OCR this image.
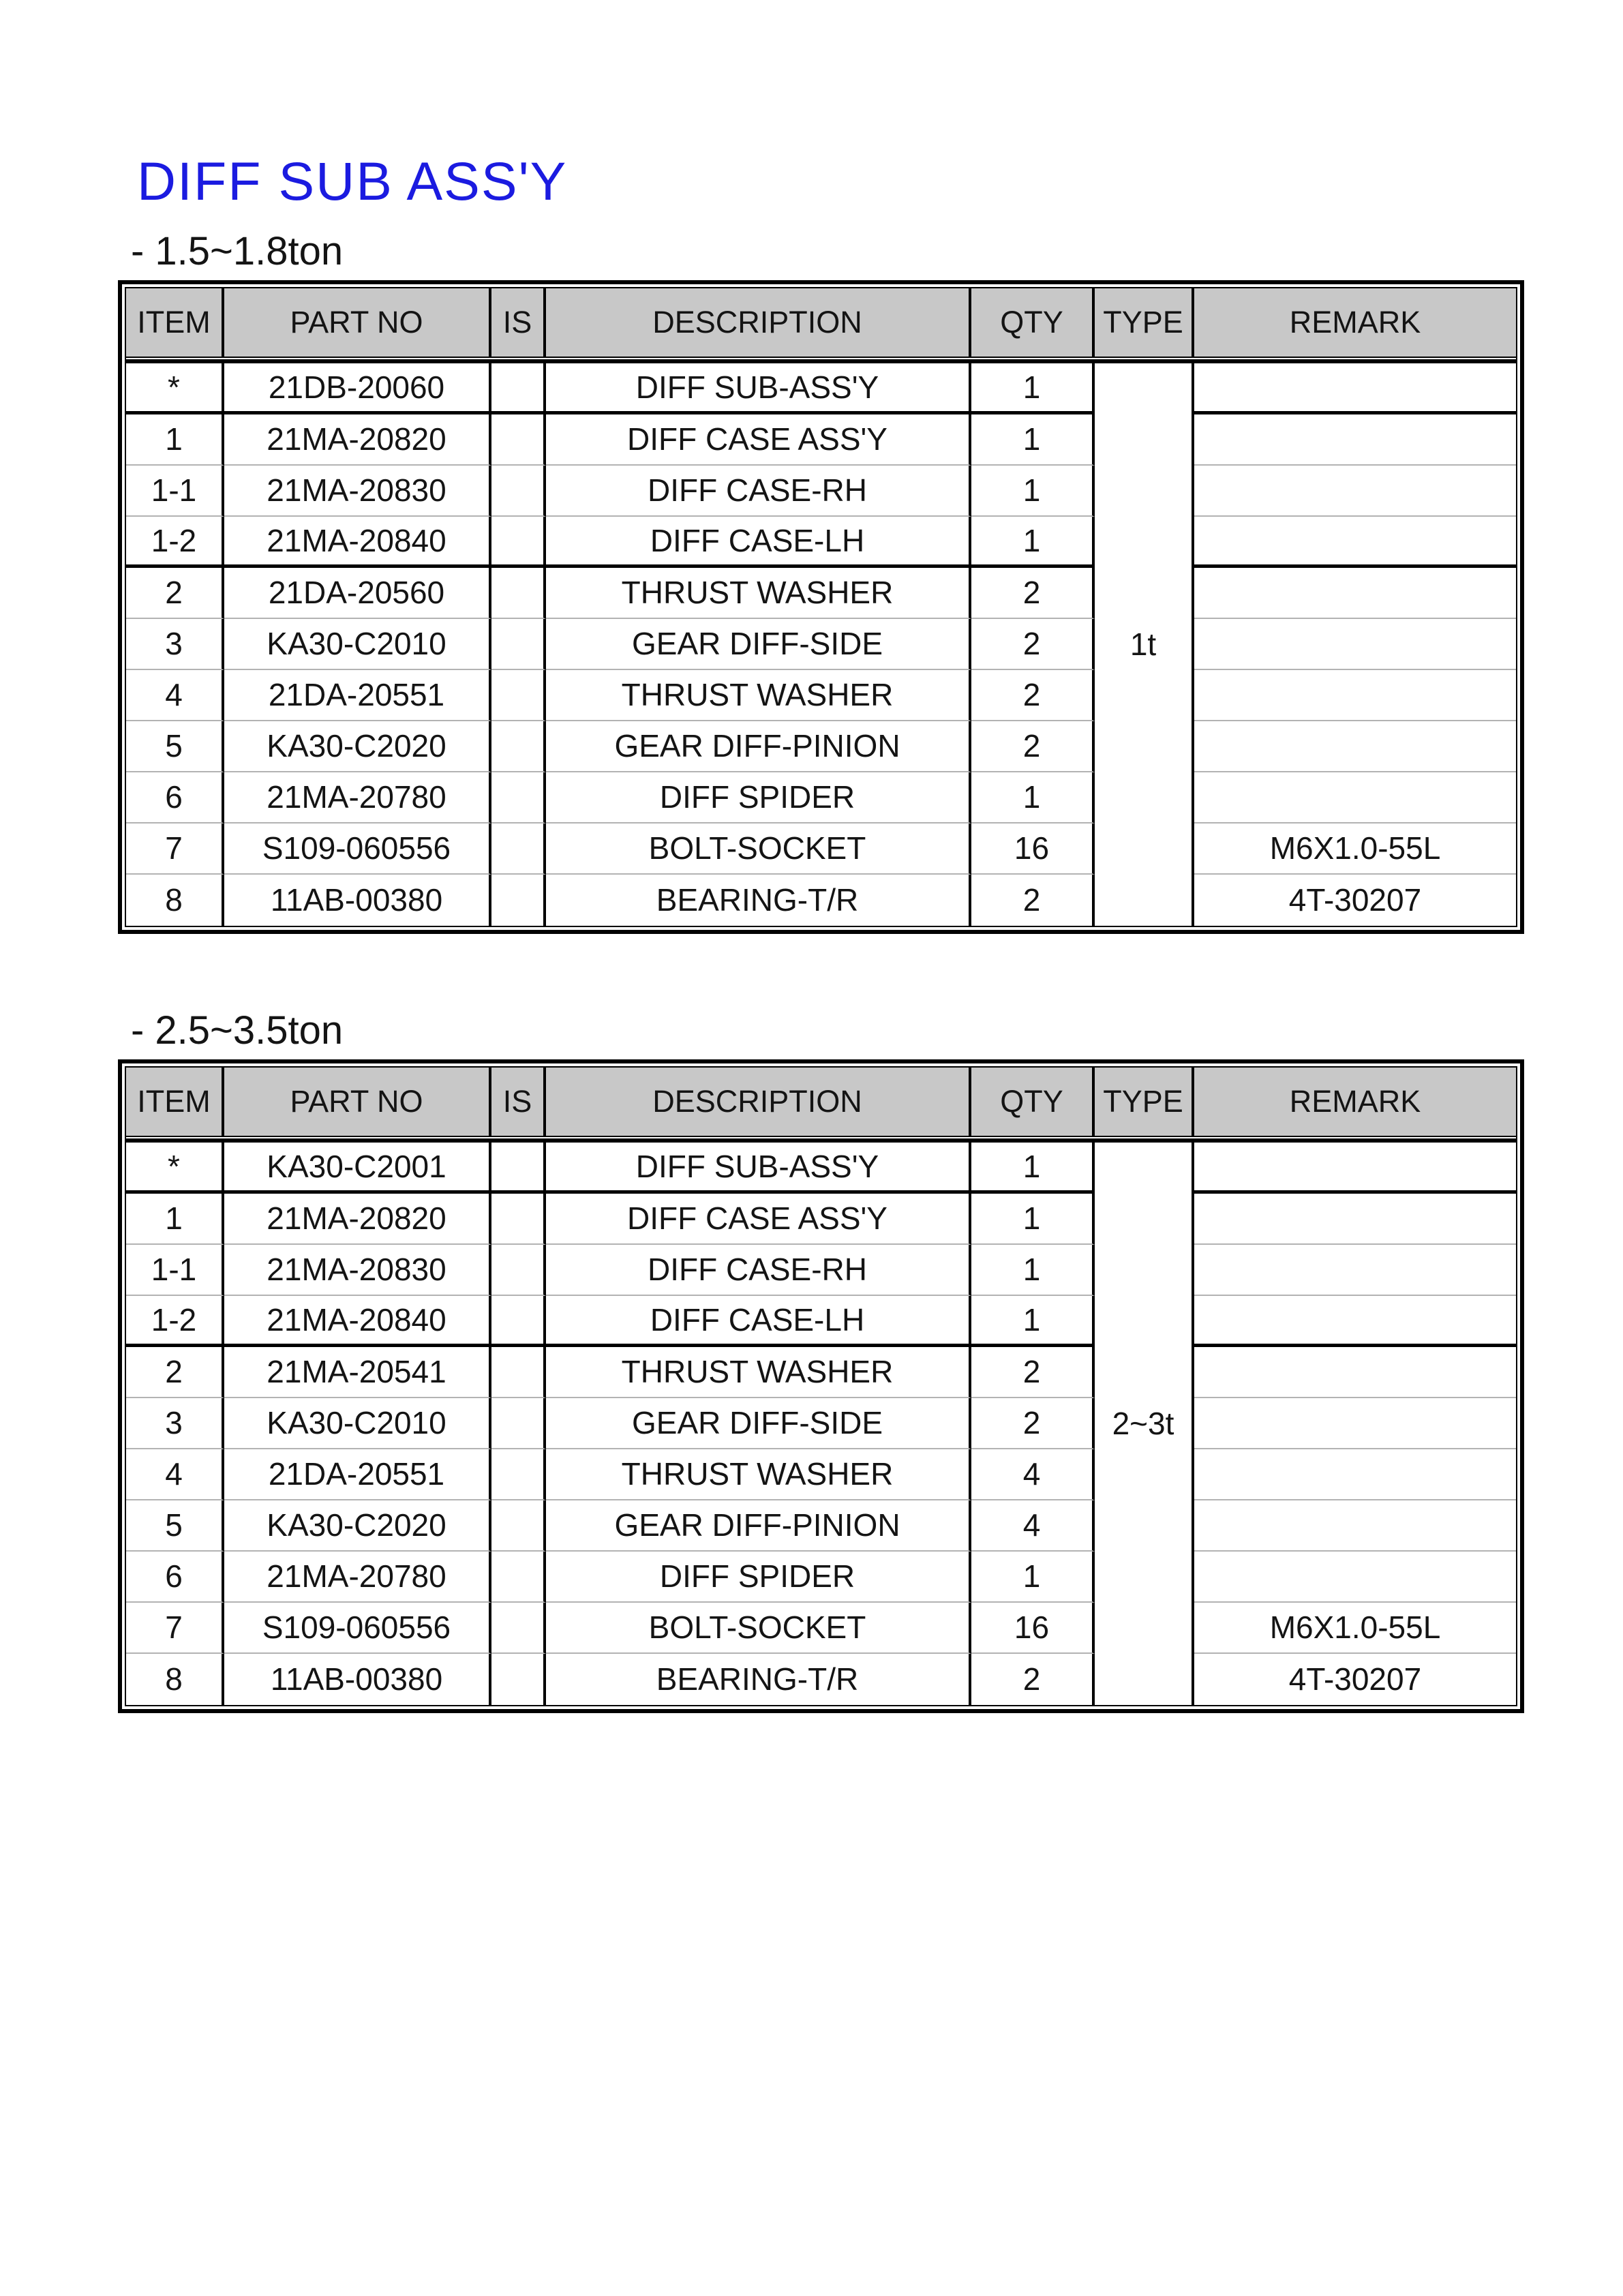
DIFF SUB ASS'Y
- 1.5~1.8ton
ITEM	PART NO	IS	DESCRIPTION	QTY	TYPE	REMARK

*	21DB-20060		DIFF SUB-ASS'Y	1	1t	
1	21MA-20820		DIFF CASE ASS'Y	1		
1-1	21MA-20830		DIFF CASE-RH	1		
1-2	21MA-20840		DIFF CASE-LH	1		
2	21DA-20560		THRUST WASHER	2		
3	KA30-C2010		GEAR DIFF-SIDE	2		
4	21DA-20551		THRUST WASHER	2		
5	KA30-C2020		GEAR DIFF-PINION	2		
6	21MA-20780		DIFF SPIDER	1		
7	S109-060556		BOLT-SOCKET	16		M6X1.0-55L
8	11AB-00380		BEARING-T/R	2		4T-30207
- 2.5~3.5ton
ITEM	PART NO	IS	DESCRIPTION	QTY	TYPE	REMARK

*	KA30-C2001		DIFF SUB-ASS'Y	1	2~3t	
1	21MA-20820		DIFF CASE ASS'Y	1		
1-1	21MA-20830		DIFF CASE-RH	1		
1-2	21MA-20840		DIFF CASE-LH	1		
2	21MA-20541		THRUST WASHER	2		
3	KA30-C2010		GEAR DIFF-SIDE	2		
4	21DA-20551		THRUST WASHER	4		
5	KA30-C2020		GEAR DIFF-PINION	4		
6	21MA-20780		DIFF SPIDER	1		
7	S109-060556		BOLT-SOCKET	16		M6X1.0-55L
8	11AB-00380		BEARING-T/R	2		4T-30207
